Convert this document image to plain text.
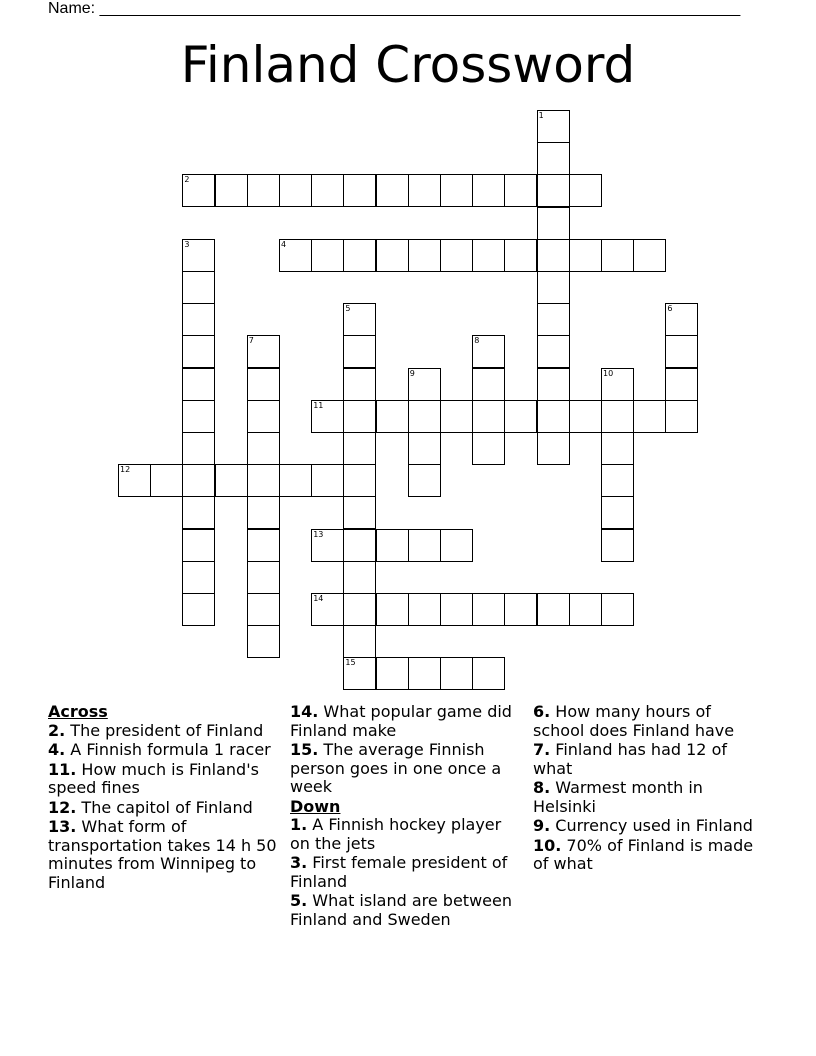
Name: ________________________________________________________________________
Finland Crossword
1
2
3	4
5
15
6
7	8
9	10
11
12
13
14
Across
2. The president of Finland
4. A Finnish formula 1 racer
11. How much is Finland's speed fines
12. The capitol of Finland
13. What form of transportation takes 14 h 50 minutes from Winnipeg to Finland
14. What popular game did Finland make
15. The average Finnish person goes in one once a week
Down
1. A Finnish hockey player on the jets
3. First female president of Finland
5. What island are between Finland and Sweden
6. How many hours of school does Finland have
7. Finland has had 12 of what
8. Warmest month in Helsinki
9. Currency used in Finland
10. 70% of Finland is made of what
